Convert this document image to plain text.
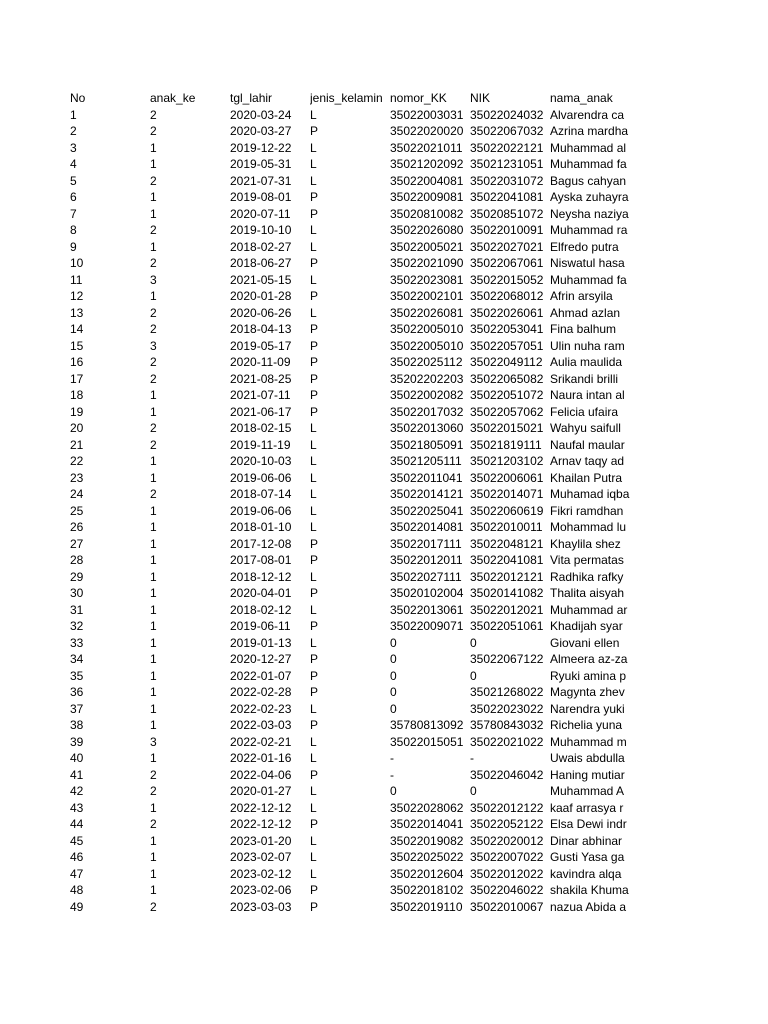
No	anak_ke	tgl_lahir	jenis_kelamin	nomor_KK	NIK	nama_anak
1	2	2020-03-24	L	35022003031	35022024032	Alvarendra ca
2	2	2020-03-27	P	35022020020	35022067032	Azrina mardha
3	1	2019-12-22	L	35022021011	35022022121	Muhammad al
4	1	2019-05-31	L	35021202092	35021231051	Muhammad fa
5	2	2021-07-31	L	35022004081	35022031072	Bagus cahyan
6	1	2019-08-01	P	35022009081	35022041081	Ayska zuhayra
7	1	2020-07-11	P	35020810082	35020851072	Neysha naziya
8	2	2019-10-10	L	35022026080	35022010091	Muhammad ra
9	1	2018-02-27	L	35022005021	35022027021	Elfredo putra
10	2	2018-06-27	P	35022021090	35022067061	Niswatul hasa
11	3	2021-05-15	L	35022023081	35022015052	Muhammad fa
12	1	2020-01-28	P	35022002101	35022068012	Afrin arsyila
13	2	2020-06-26	L	35022026081	35022026061	Ahmad azlan
14	2	2018-04-13	P	35022005010	35022053041	Fina balhum
15	3	2019-05-17	P	35022005010	35022057051	Ulin nuha ram
16	2	2020-11-09	P	35022025112	35022049112	Aulia maulida
17	2	2021-08-25	P	35202202203	35022065082	Srikandi brilli
18	1	2021-07-11	P	35022002082	35022051072	Naura intan al
19	1	2021-06-17	P	35022017032	35022057062	Felicia ufaira
20	2	2018-02-15	L	35022013060	35022015021	Wahyu saifull
21	2	2019-11-19	L	35021805091	35021819111	Naufal maular
22	1	2020-10-03	L	35021205111	35021203102	Arnav taqy ad
23	1	2019-06-06	L	35022011041	35022006061	Khailan Putra
24	2	2018-07-14	L	35022014121	35022014071	Muhamad iqba
25	1	2019-06-06	L	35022025041	35022060619	Fikri ramdhan
26	1	2018-01-10	L	35022014081	35022010011	Mohammad lu
27	1	2017-12-08	P	35022017111	35022048121	Khaylila shez
28	1	2017-08-01	P	35022012011	35022041081	Vita permatas
29	1	2018-12-12	L	35022027111	35022012121	Radhika rafky
30	1	2020-04-01	P	35020102004	35020141082	Thalita aisyah
31	1	2018-02-12	L	35022013061	35022012021	Muhammad ar
32	1	2019-06-11	P	35022009071	35022051061	Khadijah syar
33	1	2019-01-13	L	0	0	Giovani ellen
34	1	2020-12-27	P	0	35022067122	Almeera az-za
35	1	2022-01-07	P	0	0	Ryuki amina p
36	1	2022-02-28	P	0	35021268022	Magynta zhev
37	1	2022-02-23	L	0	35022023022	Narendra yuki
38	1	2022-03-03	P	35780813092	35780843032	Richelia yuna
39	3	2022-02-21	L	35022015051	35022021022	Muhammad m
40	1	2022-01-16	L	-	-	Uwais abdulla
41	2	2022-04-06	P	-	35022046042	Haning mutiar
42	2	2020-01-27	L	0	0	Muhammad A
43	1	2022-12-12	L	35022028062	35022012122	kaaf arrasya r
44	2	2022-12-12	P	35022014041	35022052122	Elsa Dewi indr
45	1	2023-01-20	L	35022019082	35022020012	Dinar abhinar
46	1	2023-02-07	L	35022025022	35022007022	Gusti Yasa ga
47	1	2023-02-12	L	35022012604	35022012022	kavindra alqa
48	1	2023-02-06	P	35022018102	35022046022	shakila Khuma
49	2	2023-03-03	P	35022019110	35022010067	nazua Abida a
